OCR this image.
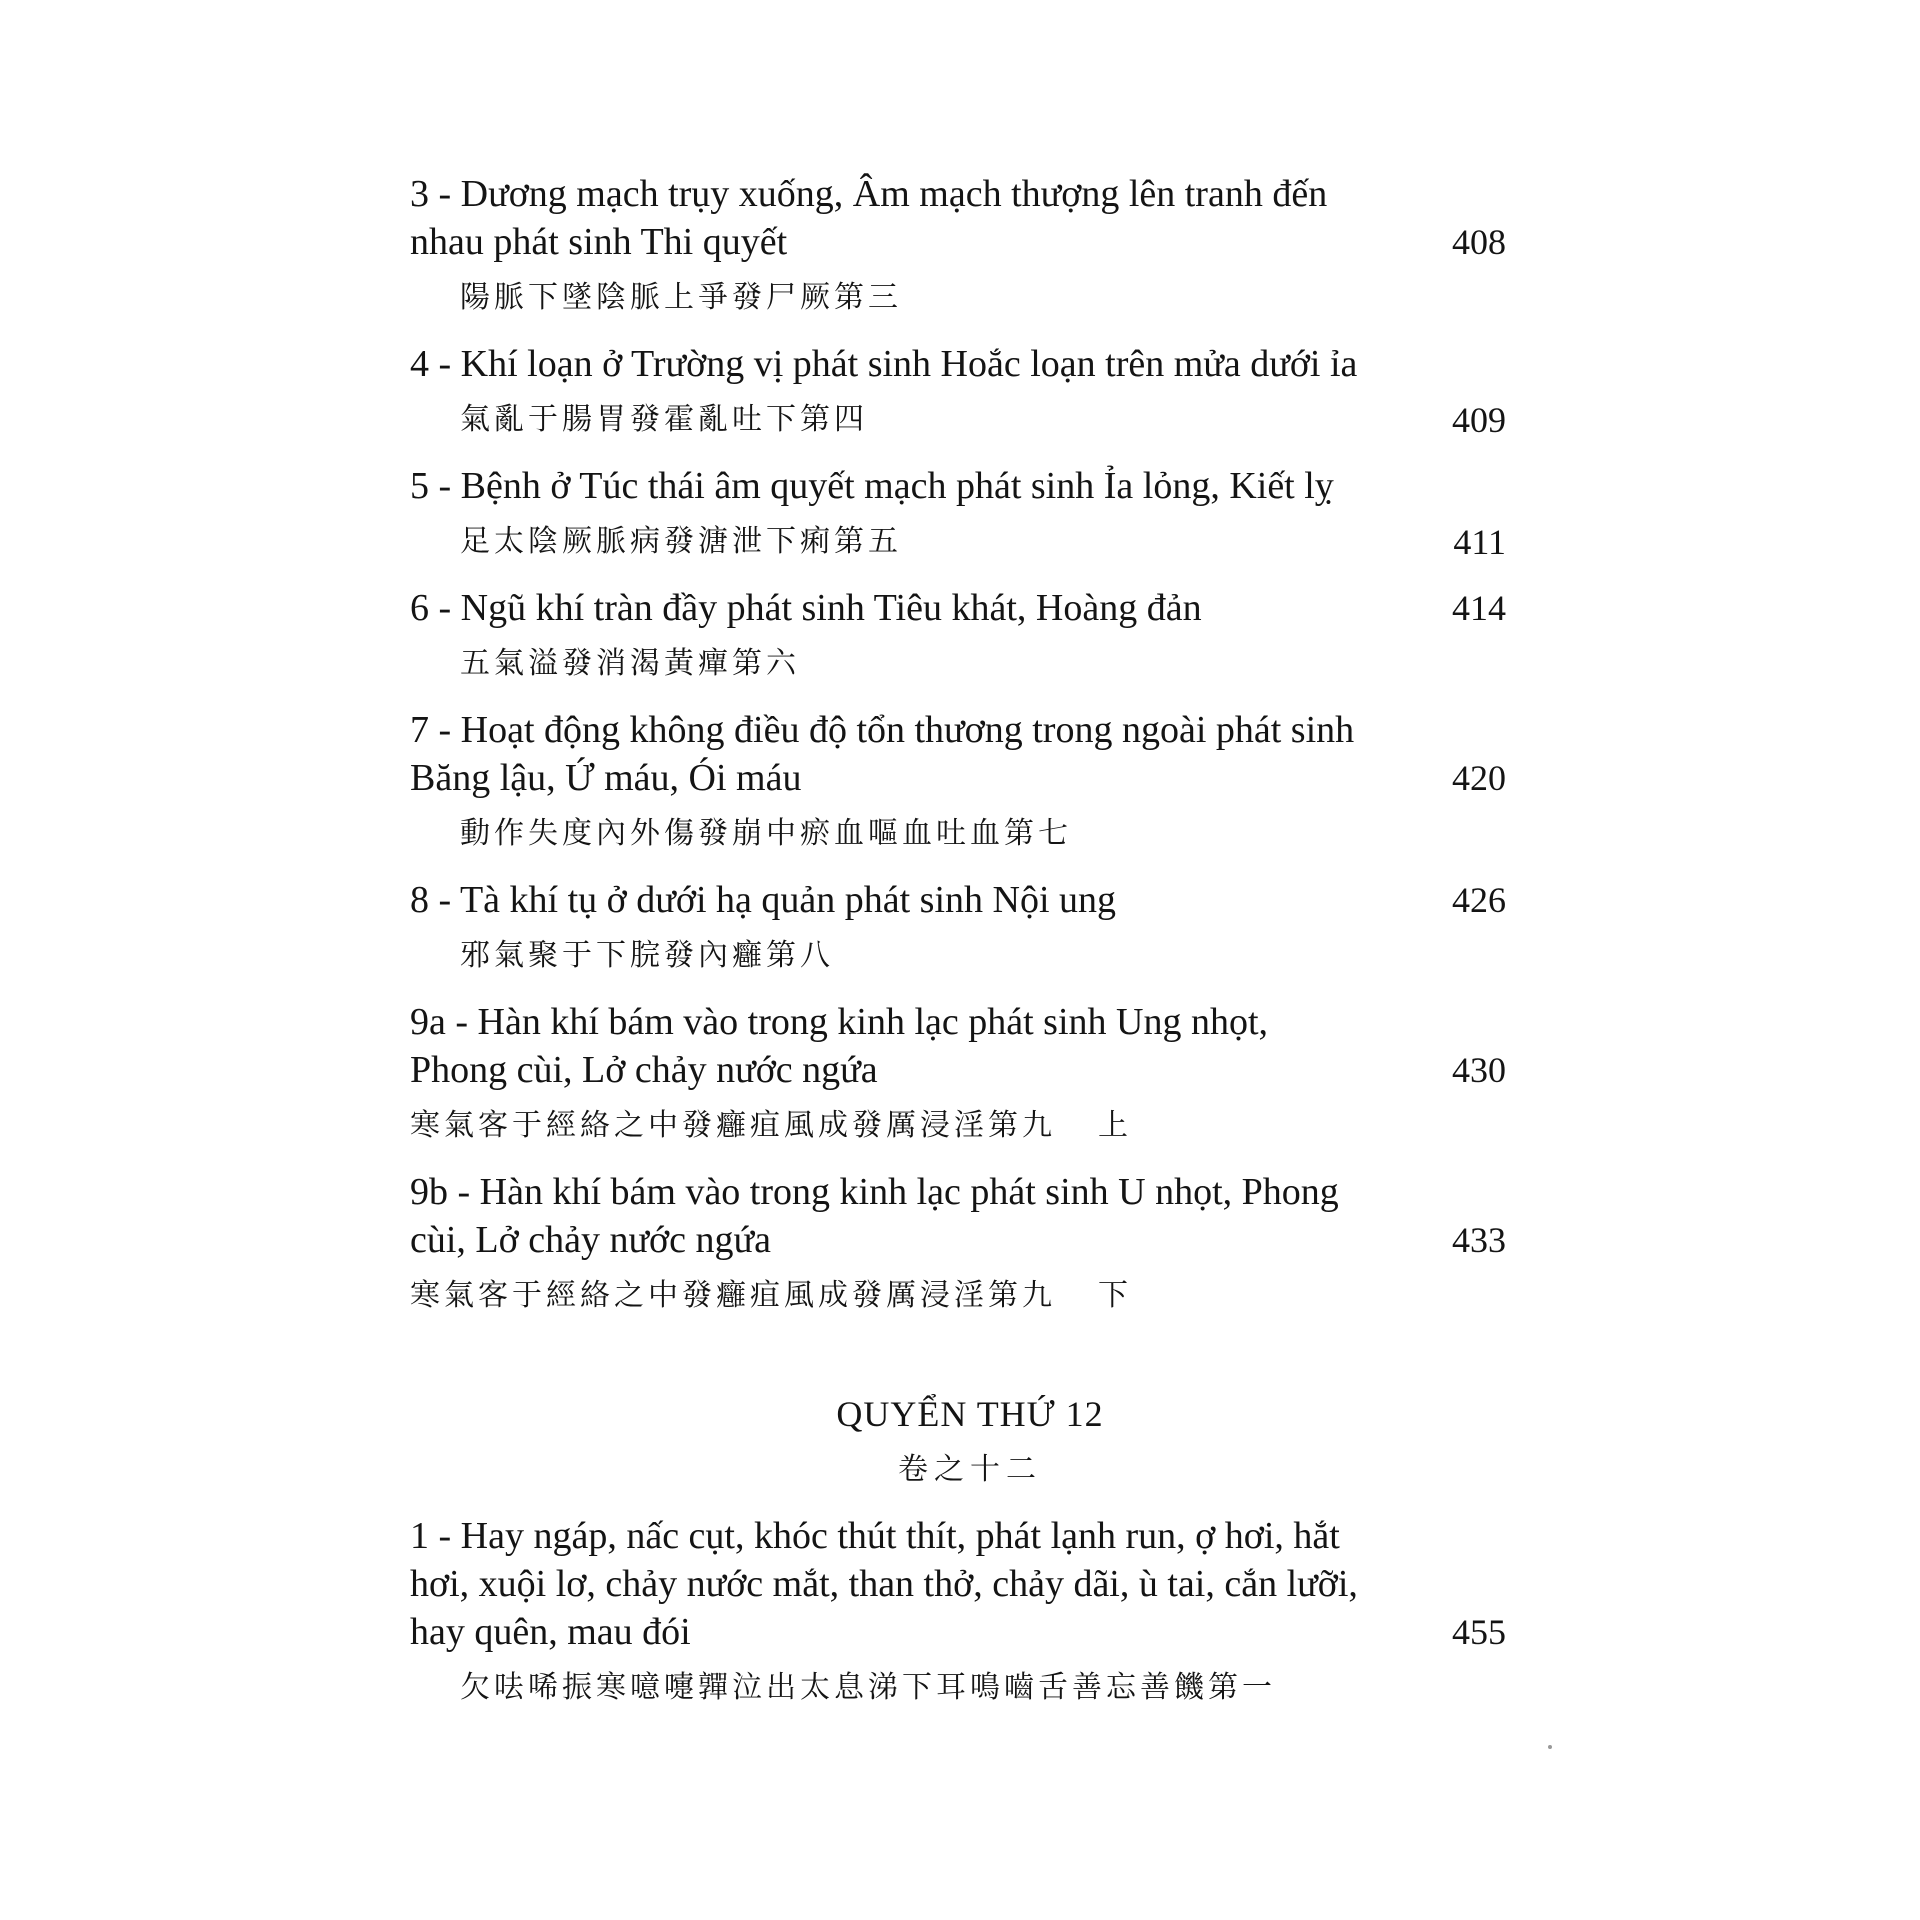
3 - Dương mạch trụy xuống, Âm mạch thượng lên tranh đến
nhau phát sinh Thi quyết	408
陽脈下墜陰脈上爭發尸厥第三
4 - Khí loạn ở Trường vị phát sinh Hoắc loạn trên mửa dưới ỉa
氣亂于腸胃發霍亂吐下第四	409
5 - Bệnh ở Túc thái âm quyết mạch phát sinh Ỉa lỏng, Kiết lỵ
足太陰厥脈病發溏泄下痢第五	411
6 - Ngũ khí tràn đầy phát sinh Tiêu khát, Hoàng đản	414
五氣溢發消渴黃癉第六
7 - Hoạt động không điều độ tổn thương trong ngoài phát sinh
Băng lậu, Ứ máu, Ói máu	420
動作失度內外傷發崩中瘀血嘔血吐血第七
8 - Tà khí tụ ở dưới hạ quản phát sinh Nội ung	426
邪氣聚于下脘發內癰第八
9a - Hàn khí bám vào trong kinh lạc phát sinh Ung nhọt,
Phong cùi, Lở chảy nước ngứa	430
寒氣客于經絡之中發癰疽風成發厲浸淫第九 上
9b - Hàn khí bám vào trong kinh lạc phát sinh U nhọt, Phong
cùi, Lở chảy nước ngứa	433
寒氣客于經絡之中發癰疽風成發厲浸淫第九 下
QUYỂN THỨ 12
卷之十二
1 - Hay ngáp, nấc cụt, khóc thút thít, phát lạnh run, ợ hơi, hắt
hơi, xuội lơ, chảy nước mắt, than thở, chảy dãi, ù tai, cắn lưỡi,
hay quên, mau đói	455
欠呿唏振寒噫嚏嚲泣出太息涕下耳鳴嚙舌善忘善饑第一
